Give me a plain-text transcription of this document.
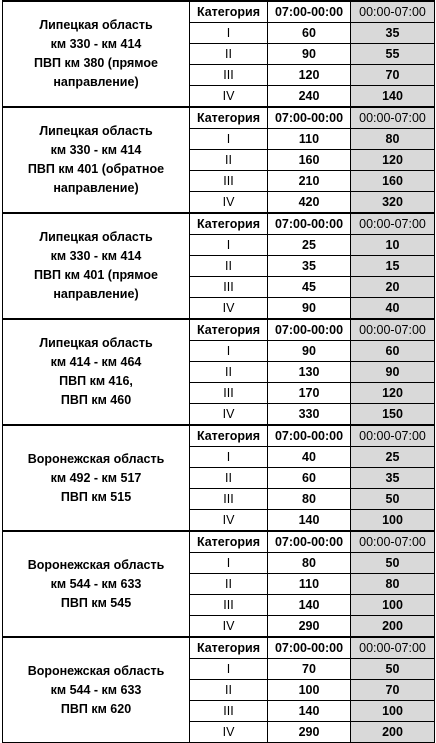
Липецкая область
км 330 - км 414
ПВП км 380 (прямое
направление)	Категория	07:00-00:00	00:00-07:00
	I	60	35
	II	90	55
	III	120	70
	IV	240	140

Липецкая область
км 330 - км 414
ПВП км 401 (обратное
направление)	Категория	07:00-00:00	00:00-07:00
	I	110	80
	II	160	120
	III	210	160
	IV	420	320

Липецкая область
км 330 - км 414
ПВП км 401 (прямое
направление)	Категория	07:00-00:00	00:00-07:00
	I	25	10
	II	35	15
	III	45	20
	IV	90	40

Липецкая область
км 414 - км 464
ПВП км 416,
ПВП км 460	Категория	07:00-00:00	00:00-07:00
	I	90	60
	II	130	90
	III	170	120
	IV	330	150

Воронежская область
км 492 - км 517
ПВП км 515	Категория	07:00-00:00	00:00-07:00
	I	40	25
	II	60	35
	III	80	50
	IV	140	100

Воронежская область
км 544 - км 633
ПВП км 545	Категория	07:00-00:00	00:00-07:00
	I	80	50
	II	110	80
	III	140	100
	IV	290	200

Воронежская область
км 544 - км 633
ПВП км 620	Категория	07:00-00:00	00:00-07:00
	I	70	50
	II	100	70
	III	140	100
	IV	290	200
